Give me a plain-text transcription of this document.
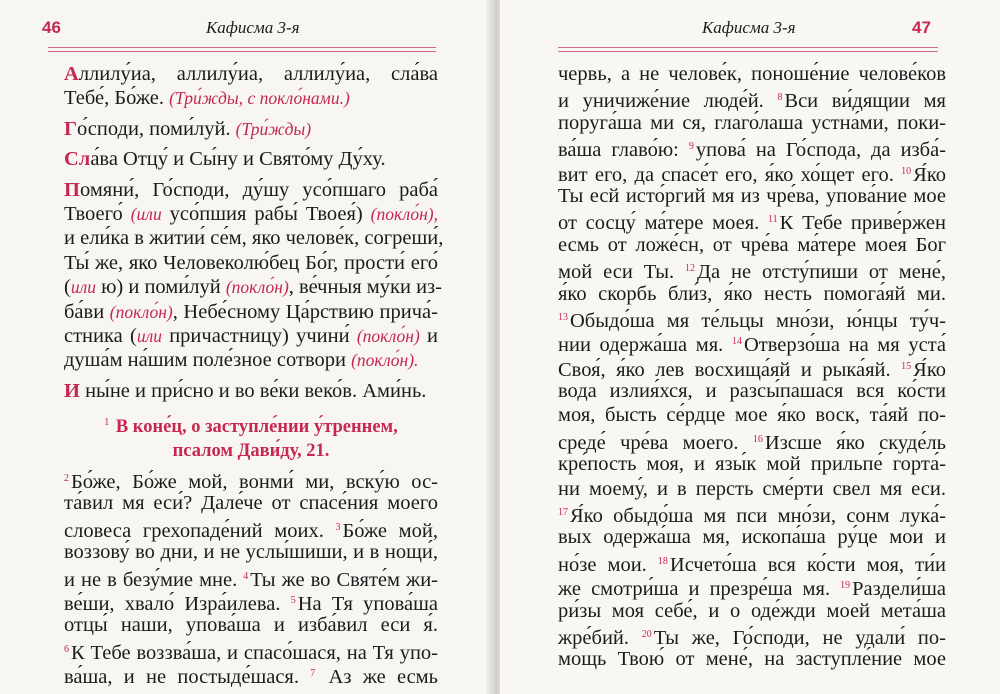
46	Кафисма 3-я
Аллилу́иа, аллилу́иа, аллилу́иа, сла́ва
Тебе́, Бо́же. (Три́жды, с покло́нами.)
Го́споди, поми́луй. (Три́жды)
Сла́ва Отцу́ и Сы́ну и Свято́му Ду́ху.
Помяни́, Го́споди, ду́шу усо́пшаго раба́
Твоего́ (или усо́пшия рабы́ Твоея́) (покло́н),
и ели́ка в житии́ се́м, яко челове́к, согреши́,
Ты́ же, яко Человеколю́бец Бо́г, прости́ его́
(или ю) и поми́луй (покло́н), ве́чныя му́ки из-
ба́ви (покло́н), Небе́сному Ца́рствию прича́-
стника (или причастницу) учини́ (покло́н) и
душа́м на́шим поле́зное сотвори (покло́н).
И ны́не и при́сно и во ве́ки веко́в. Ами́нь.
$^1$ В коне́ц, о заступле́нии у́треннем,
псалом Дави́ду, 21.
$^2$Бо́же, Бо́же мой, вонми́ ми, вску́ю ос-
та́вил мя еси́? Дале́че от спасе́ния моего
словеса грехопаде́ний моих. $^3$Бо́же мой,
воззову́ во дни, и не услы́шиши, и в нощи́,
и не в безу́мие мне. $^4$Ты же во Святе́м жи-
ве́ши, хвало́ Изра́илева. $^5$На Тя упова́ша
отцы́ наши, упова́ша и изба́вил еси я́.
$^6$К Тебе воззва́ша, и спасо́шася, на Тя упо-
ва́ша, и не постыде́шася. $^7$ Аз же есмь
Кафисма 3-я	47
червь, а не челове́к, поноше́ние челове́ков
и уничиже́ние люде́й. $^8$Вси ви́дящии мя
поруга́ша ми ся, глаго́лаша устна́ми, поки-
ва́ша главо́ю: $^9$упова́ на Го́спода, да изба́-
вит его, да спасе́т его, я́ко хо́щет его. $^{10}$Я́ко
Ты есй исто́ргий мя из чре́ва, упова́ние мое
от сосцу́ ма́тере моея. $^{11}$К Тебе приве́ржен
есмь от ложе́сн, от чре́ва ма́тере моея Бог
мой еси Ты. $^{12}$Да не отсту́пиши от мене́,
я́ко скорбь бли́з, я́ко несть помога́яй ми.
$^{13}$Обыдо́ша мя те́льцы мно́зи, ю́нцы ту́ч-
нии одержа́ша мя. $^{14}$Отверзо́ша на мя уста́
Своя́, я́ко лев восхища́яй и рыка́яй. $^{15}$Я́ко
вода излия́хся, и разсы́пашася вся ко́сти
моя, бысть се́рдце мое я́ко воск, та́яй по-
среде́ чре́ва моего. $^{16}$Изсше я́ко скуде́ль
кре́пость моя, и язы́к мой прильпе́ горта́-
ни моему́, и в персть сме́рти свел мя еси.
$^{17}$Я́ко обыдо́ша мя пси мно́зи, сонм лука́-
вых одержа́ша мя, ископа́ша ру́це мои и
но́зе мои. $^{18}$Исчето́ша вся ко́сти моя, ти́и
же смотри́ша и презре́ша мя. $^{19}$Раздели́ша
ри́зы моя себе́, и о оде́жди моей мета́ша
жре́бий. $^{20}$Ты же, Го́споди, не удали́ по-
мощь Твою́ от мене́, на заступле́ние мое
